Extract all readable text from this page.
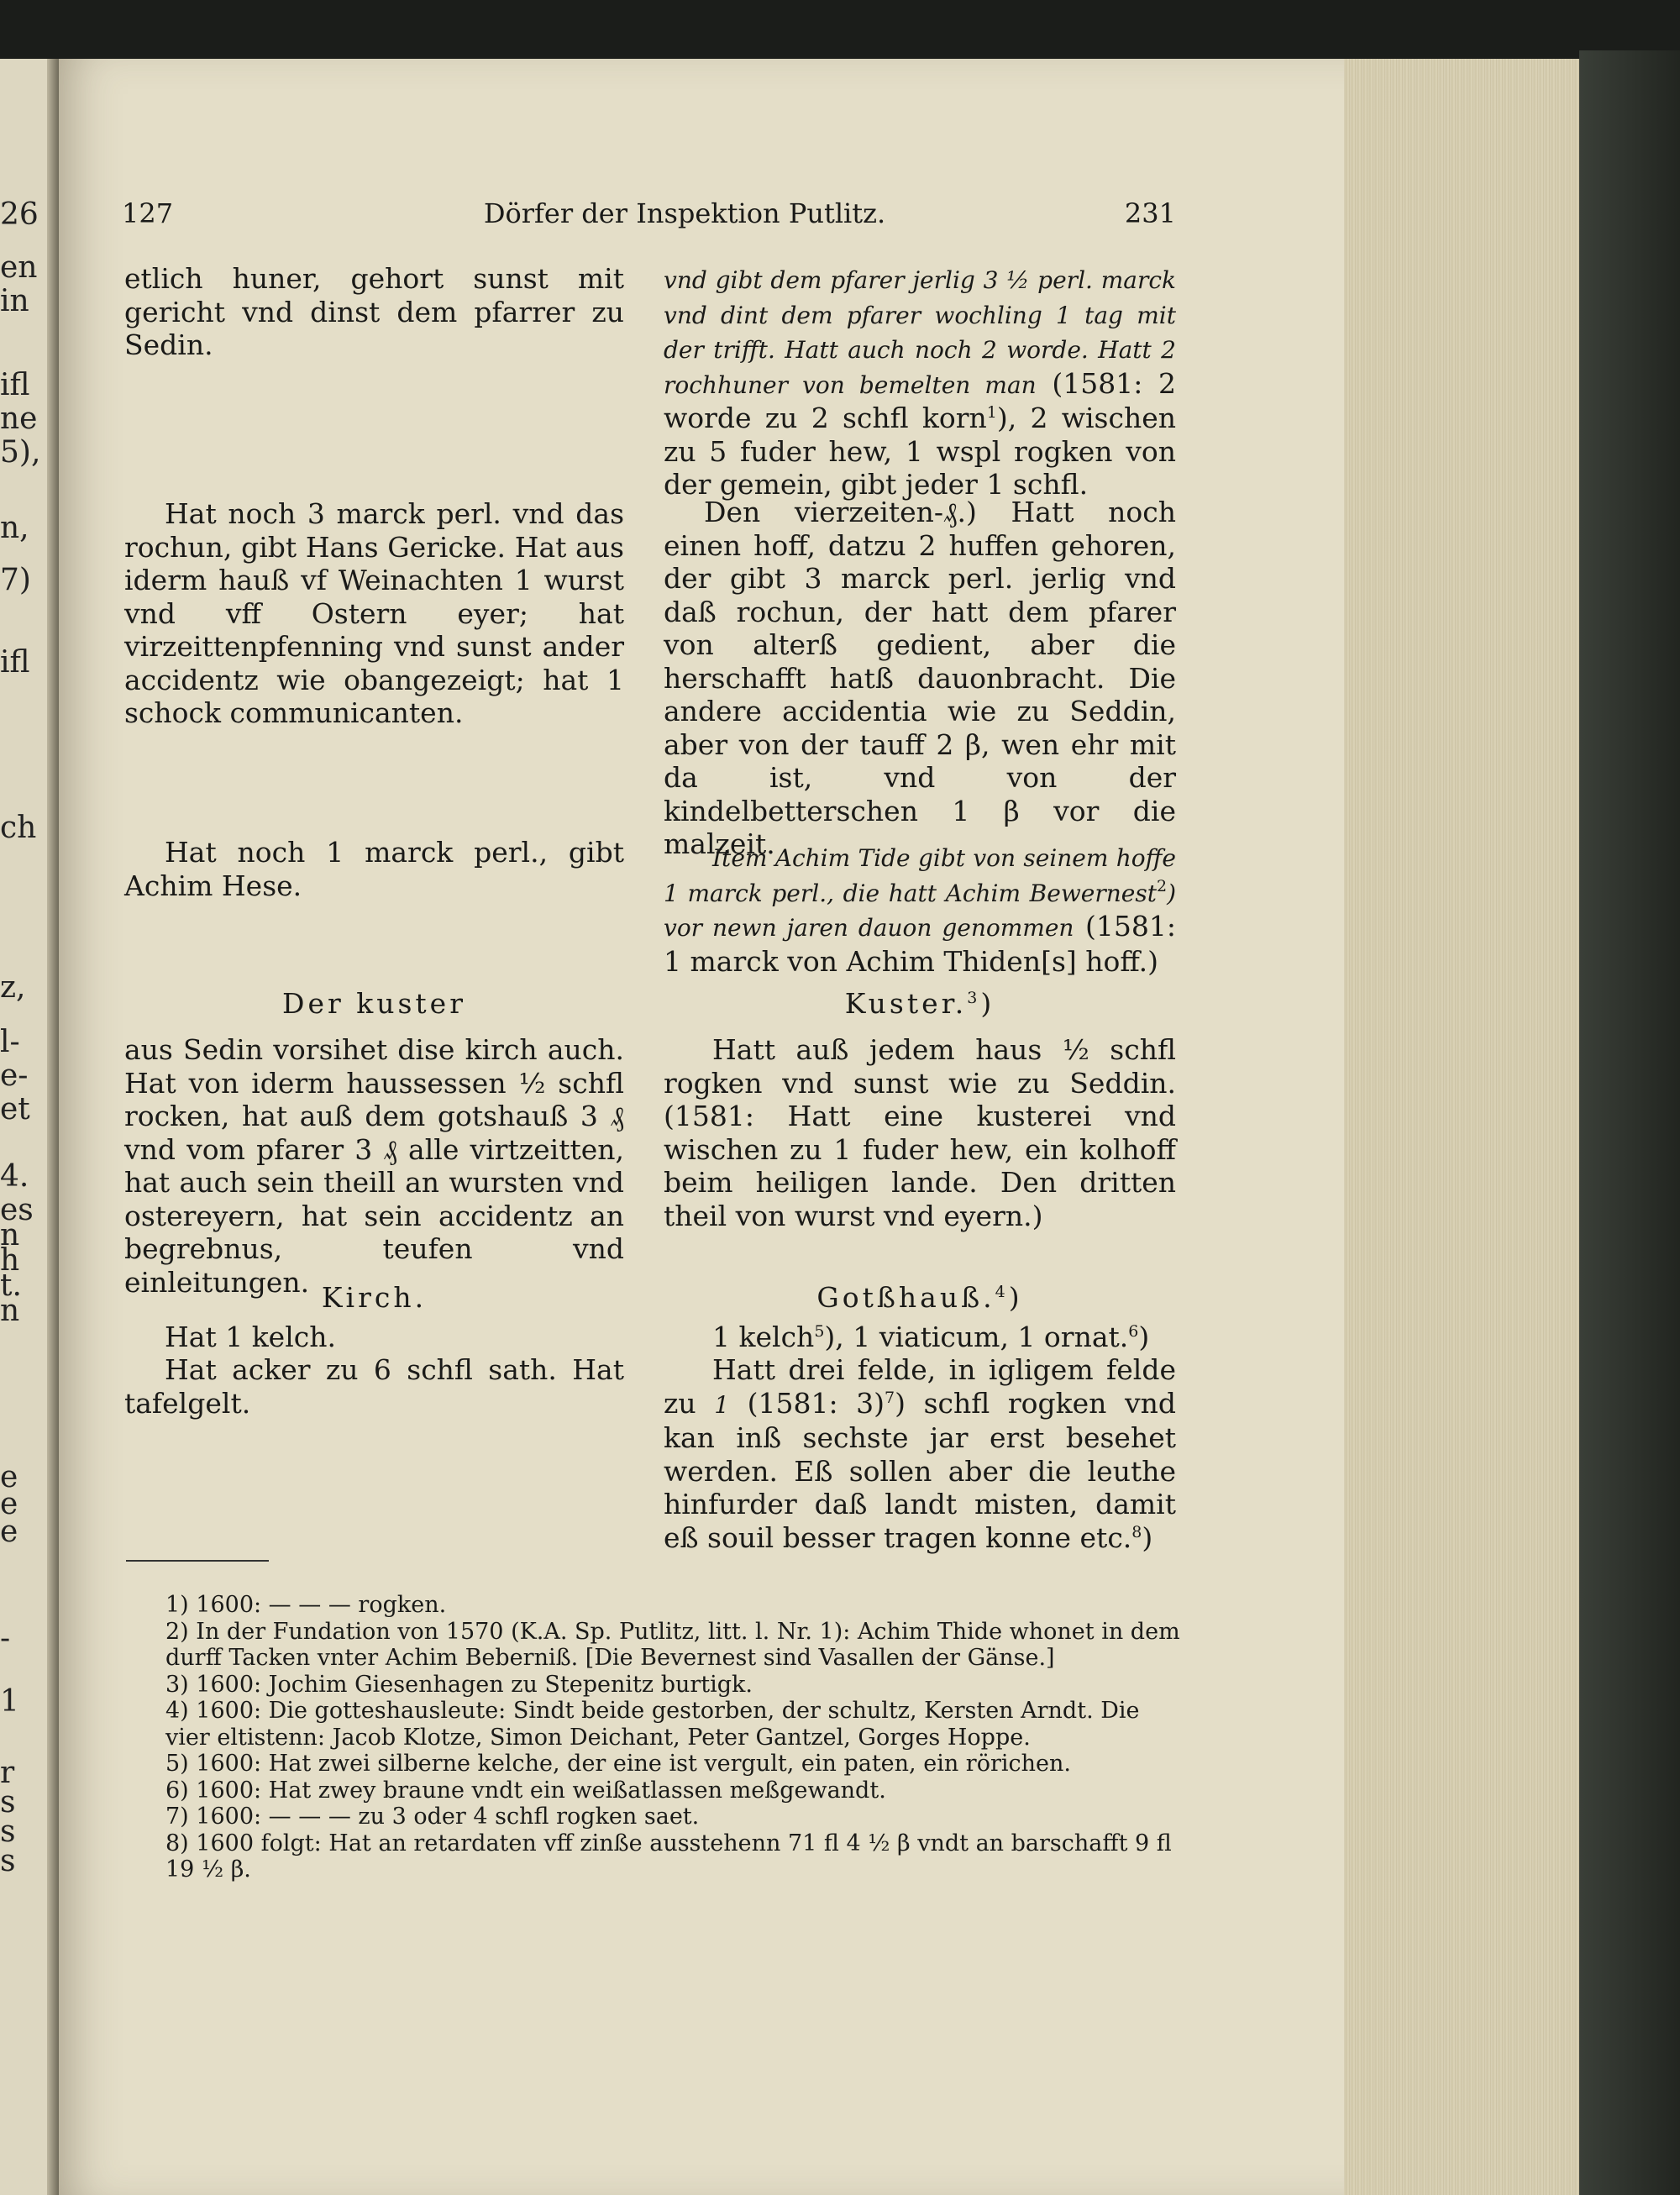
26
en
in
ifl
ne
5),
n,
7)
ifl
ch
z,
l-
e-
et
4.
es
n
h
t.
n
e
e
e
-
1
r
s
s
s
127	Dörfer der Inspektion Putlitz.	231
etlich huner, gehort sunst mit gericht vnd dinst dem pfarrer zu Sedin.
Hat noch 3 marck perl. vnd das rochun, gibt Hans Gericke. Hat aus iderm hauß vf Weinachten 1 wurst vnd vff Ostern eyer; hat virzeittenpfenning vnd sunst ander accidentz wie obangezeigt; hat 1 schock communicanten.
Hat noch 1 marck perl., gibt Achim Hese.
Der kuster
aus Sedin vorsihet dise kirch auch. Hat von iderm haussessen ½ schfl rocken, hat auß dem gotshauß 3 ₰ vnd vom pfarer 3 ₰ alle virtzeitten, hat auch sein theill an wursten vnd ostereyern, hat sein accidentz an begrebnus, teufen vnd einleitungen. Kirch.
Hat 1 kelch.
Hat acker zu 6 schfl sath. Hat tafelgelt.
vnd gibt dem pfarer jerlig 3 ½ perl. marck vnd dint dem pfarer wochling 1 tag mit der trifft. Hatt auch noch 2 worde. Hatt 2 rochhuner von bemelten man (1581: 2 worde zu 2 schfl korn$^1$), 2 wischen zu 5 fuder hew, 1 wspl rogken von der gemein, gibt jeder 1 schfl.
Den vierzeiten-₰.) Hatt noch einen hoff, datzu 2 huffen gehoren, der gibt 3 marck perl. jerlig vnd daß rochun, der hatt dem pfarer von alterß gedient, aber die herschafft hatß dauonbracht. Die andere accidentia wie zu Seddin, aber von der tauff 2 β, wen ehr mit da ist, vnd von der kindelbetterschen 1 β vor die malzeit.
Item Achim Tide gibt von seinem hoffe 1 marck perl., die hatt Achim Bewernest$^2$) vor newn jaren dauon genommen (1581: 1 marck von Achim Thiden[s] hoff.)
Kuster.$^3$)
Hatt auß jedem haus ½ schfl rogken vnd sunst wie zu Seddin. (1581: Hatt eine kusterei vnd wischen zu 1 fuder hew, ein kolhoff beim heiligen lande. Den dritten theil von wurst vnd eyern.)
Gotßhauß.$^4$)
1 kelch$^5$), 1 viaticum, 1 ornat.$^6$)
Hatt drei felde, in igligem felde zu 1 (1581: 3)$^7$) schfl rogken vnd kan inß sechste jar erst besehet werden. Eß sollen aber die leuthe hinfurder daß landt misten, damit eß souil besser tragen konne etc.$^8$)

1) 1600: — — — rogken.

2) In der Fundation von 1570 (K.A. Sp. Putlitz, litt. l. Nr. 1): Achim Thide whonet in dem durff Tacken vnter Achim Beberniß. [Die Bevernest sind Vasallen der Gänse.]

3) 1600: Jochim Giesenhagen zu Stepenitz burtigk.

4) 1600: Die gotteshausleute: Sindt beide gestorben, der schultz, Kersten Arndt. Die vier eltistenn: Jacob Klotze, Simon Deichant, Peter Gantzel, Gorges Hoppe.

5) 1600: Hat zwei silberne kelche, der eine ist vergult, ein paten, ein rörichen.

6) 1600: Hat zwey braune vndt ein weißatlassen meßgewandt.

7) 1600: — — — zu 3 oder 4 schfl rogken saet.

8) 1600 folgt: Hat an retardaten vff zinße ausstehenn 71 fl 4 ½ β vndt an barschafft 9 fl 19 ½ β.
